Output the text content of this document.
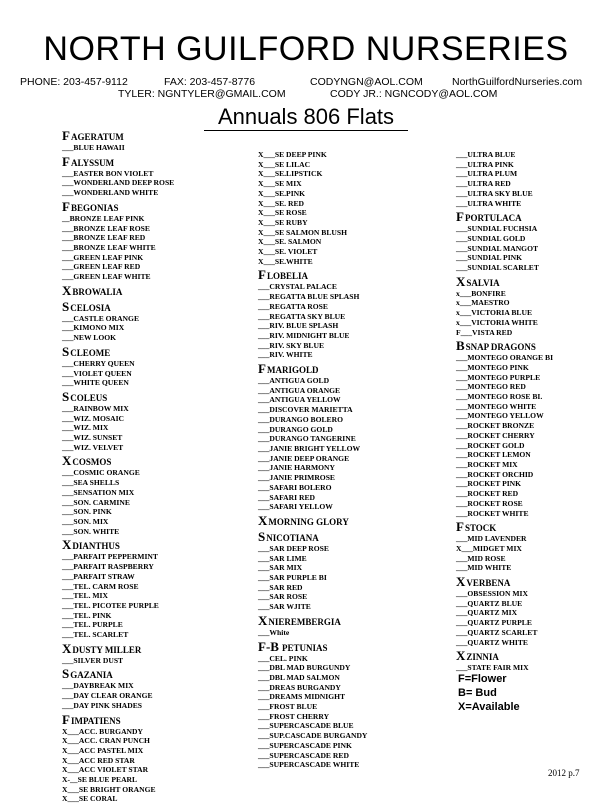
NORTH GUILFORD NURSERIES
PHONE: 203-457-9112	FAX: 203-457-8776	CODYNGN@AOL.COM	NorthGuilfordNurseries.com
TYLER: NGNTYLER@GMAIL.COM	CODY JR.: NGNCODY@AOL.COM
Annuals 806 Flats
FAGERATUM
___BLUE HAWAII
FALYSSUM
___EASTER BON VIOLET
___WONDERLAND DEEP ROSE
___WONDERLAND WHITE
FBEGONIAS
__BRONZE LEAF PINK
___BRONZE LEAF ROSE
___BRONZE LEAF RED
___BRONZE LEAF WHITE
___GREEN LEAF PINK
___GREEN LEAF RED
___GREEN LEAF WHITE
XBROWALIA
SCELOSIA
___CASTLE ORANGE
___KIMONO MIX
___NEW LOOK
SCLEOME
___CHERRY QUEEN
___VIOLET QUEEN
___WHITE QUEEN
SCOLEUS
___RAINBOW MIX
___WIZ. MOSAIC
___WIZ. MIX
___WIZ. SUNSET
___WIZ. VELVET
XCOSMOS
___COSMIC ORANGE
___SEA SHELLS
___SENSATION MIX
___SON. CARMINE
___SON. PINK
___SON. MIX
___SON. WHITE
XDIANTHUS
___PARFAIT PEPPERMINT
___PARFAIT RASPBERRY
___PARFAIT STRAW
___TEL. CARM ROSE
___TEL. MIX
___TEL. PICOTEE PURPLE
___TEL. PINK
___TEL. PURPLE
___TEL. SCARLET
XDUSTY MILLER
___SILVER DUST
SGAZANIA
___DAYBREAK MIX
___DAY CLEAR ORANGE
___DAY PINK SHADES
FIMPATIENS
X___ACC. BURGANDY
X___ACC. CRAN PUNCH
X___ACC PASTEL MIX
X___ACC RED STAR
X___ACC VIOLET STAR
X-__SE BLUE PEARL
X___SE BRIGHT ORANGE
X___SE CORAL
X___SE DEEP PINK
X___SE LILAC
X___SE.LIPSTICK
X___SE MIX
X___SE.PINK
X___SE. RED
X___SE ROSE
X___SE RUBY
X___SE SALMON BLUSH
X___SE. SALMON
X___SE. VIOLET
X___SE.WHITE
FLOBELIA
___CRYSTAL PALACE
___REGATTA BLUE SPLASH
___REGATTA ROSE
___REGATTA SKY BLUE
___RIV. BLUE SPLASH
___RIV. MIDNIGHT BLUE
___RIV. SKY BLUE
___RIV. WHITE
FMARIGOLD
___ANTIGUA GOLD
___ANTIGUA ORANGE
___ANTIGUA YELLOW
___DISCOVER MARIETTA
___DURANGO BOLERO
___DURANGO GOLD
___DURANGO TANGERINE
___JANIE BRIGHT YELLOW
___JANIE DEEP ORANGE
___JANIE HARMONY
___JANIE PRIMROSE
___SAFARI BOLERO
___SAFARI RED
___SAFARI YELLOW
XMORNING GLORY
SNICOTIANA
___SAR DEEP ROSE
___SAR LIME
___SAR MIX
___SAR PURPLE BI
___SAR RED
___SAR ROSE
___SAR WJITE
XNIEREMBERGIA
___White
F-B PETUNIAS
___CEL. PINK
___DBL MAD BURGUNDY
___DBL MAD SALMON
___DREAS BURGANDY
___DREAMS MIDNIGHT
___FROST BLUE
___FROST CHERRY
___SUPERCASCADE BLUE
___SUP.CASCADE BURGANDY
___SUPERCASCADE PINK
___SUPERCASCADE RED
___SUPERCASCADE WHITE
___ULTRA BLUE
___ULTRA PINK
___ULTRA PLUM
___ULTRA RED
___ULTRA SKY BLUE
___ULTRA WHITE
FPORTULACA
___SUNDIAL FUCHSIA
___SUNDIAL GOLD
___SUNDIAL MANGOT
___SUNDIAL PINK
___SUNDIAL SCARLET
XSALVIA
x___BONFIRE
x___MAESTRO
x___VICTORIA BLUE
x___VICTORIA WHITE
F___VISTA RED
BSNAP DRAGONS
___MONTEGO ORANGE BI
___MONTEGO PINK
___MONTEGO PURPLE
___MONTEGO RED
___MONTEGO ROSE BI.
___MONTEGO WHITE
___MONTEGO YELLOW
___ROCKET BRONZE
___ROCKET CHERRY
___ROCKET GOLD
___ROCKET LEMON
___ROCKET MIX
___ROCKET ORCHID
___ROCKET PINK
___ROCKET RED
___ROCKET ROSE
___ROCKET WHITE
FSTOCK
___MID LAVENDER
X___MIDGET MIX
___MID ROSE
___MID WHITE
XVERBENA
___OBSESSION MIX
___QUARTZ BLUE
___QUARTZ MIX
___QUARTZ PURPLE
___QUARTZ SCARLET
___QUARTZ WHITE
XZINNIA
___STATE FAIR MIX
F=Flower
B= Bud
X=Available
2012 p.7
